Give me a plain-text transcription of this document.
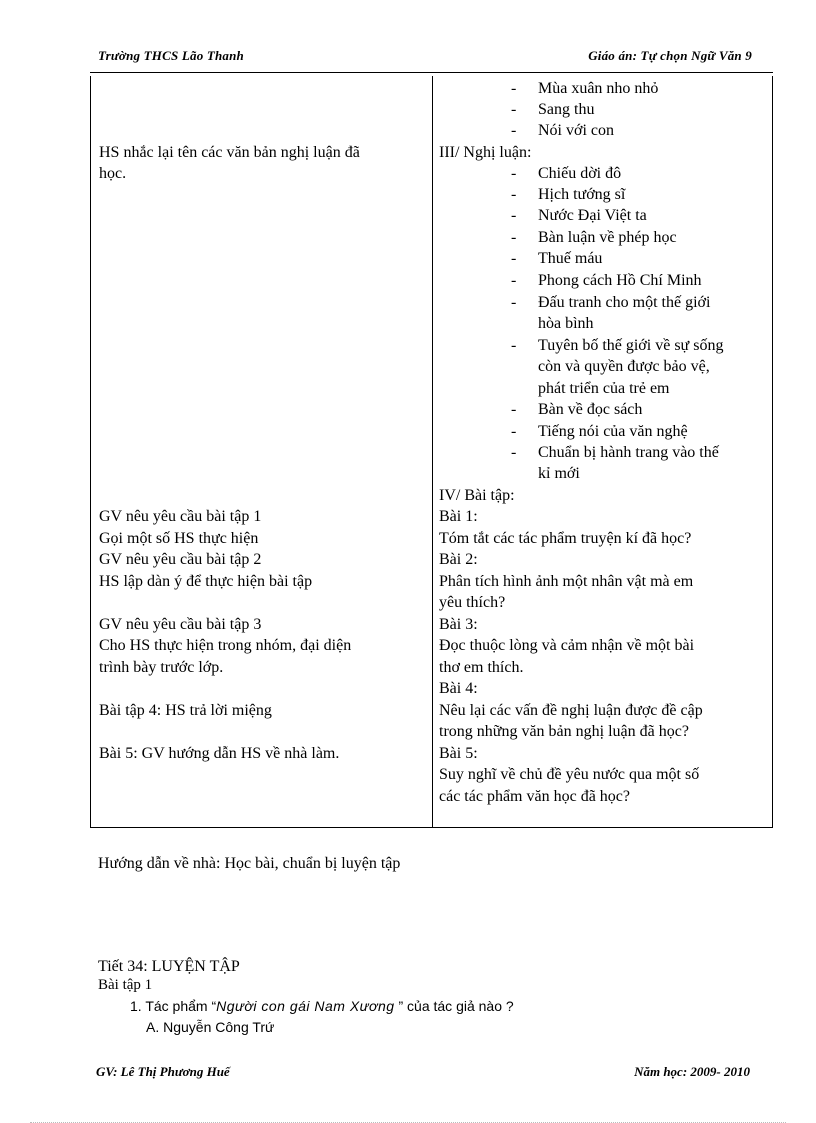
Trường THCS Lão Thanh	Giáo án: Tự chọn Ngữ Văn 9
- Mùa xuân nho nhỏ
- Sang thu
- Nói với con
HS nhắc lại tên các văn bản nghị luận đã
học.
III/ Nghị luận:
- Chiếu dời đô
- Hịch tướng sĩ
- Nước Đại Việt ta
- Bàn luận về phép học
- Thuế máu
- Phong cách Hồ Chí Minh
- Đấu tranh cho một thế giới
hòa bình
- Tuyên bố thế giới về sự sống
còn và quyền được bảo vệ,
phát triển của trẻ em
- Bàn về đọc sách
- Tiếng nói của văn nghệ
- Chuẩn bị hành trang vào thế
kỉ mới
IV/ Bài tập:
Bài 1:
Tóm tắt các tác phẩm truyện kí đã học?
Bài 2:
Phân tích hình ảnh một nhân vật mà em
yêu thích?
Bài 3:
Đọc thuộc lòng và cảm nhận về một bài
thơ em thích.
Bài 4:
Nêu lại các vấn đề nghị luận được đề cập
trong những văn bản nghị luận đã học?
Bài 5:
Suy nghĩ về chủ đề yêu nước qua một số
các tác phẩm văn học đã học?
GV nêu yêu cầu bài tập 1
Gọi một số HS thực hiện
GV nêu yêu cầu bài tập 2
HS lập dàn ý để thực hiện bài tập
GV nêu yêu cầu bài tập 3
Cho HS thực hiện trong nhóm, đại diện
trình bày trước lớp.
Bài tập 4: HS trả lời miệng
Bài 5: GV hướng dẫn HS về nhà làm.
Hướng dẫn về nhà: Học bài, chuẩn bị luyện tập
Tiết 34: LUYỆN TẬP
Bài tập 1
1. Tác phẩm “Người con gái Nam Xương ” của tác giả nào ?
A. Nguyễn Công Trứ
GV: Lê Thị Phương Huế	Năm học: 2009- 2010
